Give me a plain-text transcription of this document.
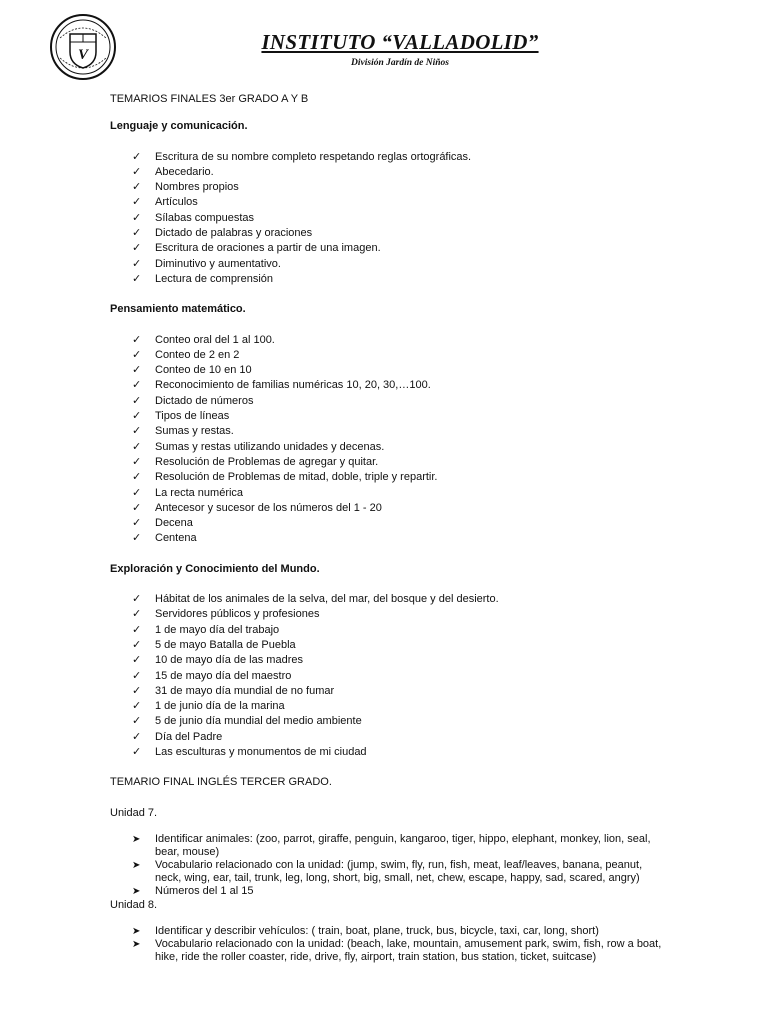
V
INSTITUTO “VALLADOLID”
División Jardín de Niños
TEMARIOS FINALES 3er GRADO A Y B
Lenguaje y comunicación.
✓ Escritura de su nombre completo respetando reglas ortográficas.
✓ Abecedario.
✓ Nombres propios
✓ Artículos
✓ Sílabas compuestas
✓ Dictado de palabras y oraciones
✓ Escritura de oraciones a partir de una imagen.
✓ Diminutivo y aumentativo.
✓ Lectura de comprensión
Pensamiento matemático.
✓ Conteo oral del 1 al 100.
✓ Conteo de 2 en 2
✓ Conteo de 10 en 10
✓ Reconocimiento de familias numéricas 10, 20, 30,…100.
✓ Dictado de números
✓ Tipos de líneas
✓ Sumas y restas.
✓ Sumas y restas utilizando unidades y decenas.
✓ Resolución de Problemas de agregar y quitar.
✓ Resolución de Problemas de mitad, doble, triple y repartir.
✓ La recta numérica
✓ Antecesor y sucesor de los números del 1 - 20
✓ Decena
✓ Centena
Exploración y Conocimiento del Mundo.
✓ Hábitat de los animales de la selva, del mar, del bosque y del desierto.
✓ Servidores públicos y profesiones
✓ 1 de mayo día del trabajo
✓ 5 de mayo Batalla de Puebla
✓ 10 de mayo día de las madres
✓ 15 de mayo día del maestro
✓ 31 de mayo día mundial de no fumar
✓ 1 de junio día de la marina
✓ 5 de junio día mundial del medio ambiente
✓ Día del Padre
✓ Las esculturas y monumentos de mi ciudad
TEMARIO FINAL INGLÉS TERCER GRADO.
Unidad 7.
➤ Identificar animales: (zoo, parrot, giraffe, penguin, kangaroo, tiger, hippo, elephant, monkey, lion, seal, bear, mouse)
➤ Vocabulario relacionado con la unidad: (jump, swim, fly, run, fish, meat, leaf/leaves, banana, peanut, neck, wing, ear, tail, trunk, leg, long, short, big, small, net, chew, escape, happy, sad, scared, angry)
➤ Números del 1 al 15
Unidad 8.
➤ Identificar y describir vehículos: ( train, boat, plane, truck, bus, bicycle, taxi, car, long, short)
➤ Vocabulario relacionado con la unidad: (beach, lake, mountain, amusement park, swim, fish, row a boat, hike, ride the roller coaster, ride, drive, fly, airport, train station, bus station, ticket, suitcase)
